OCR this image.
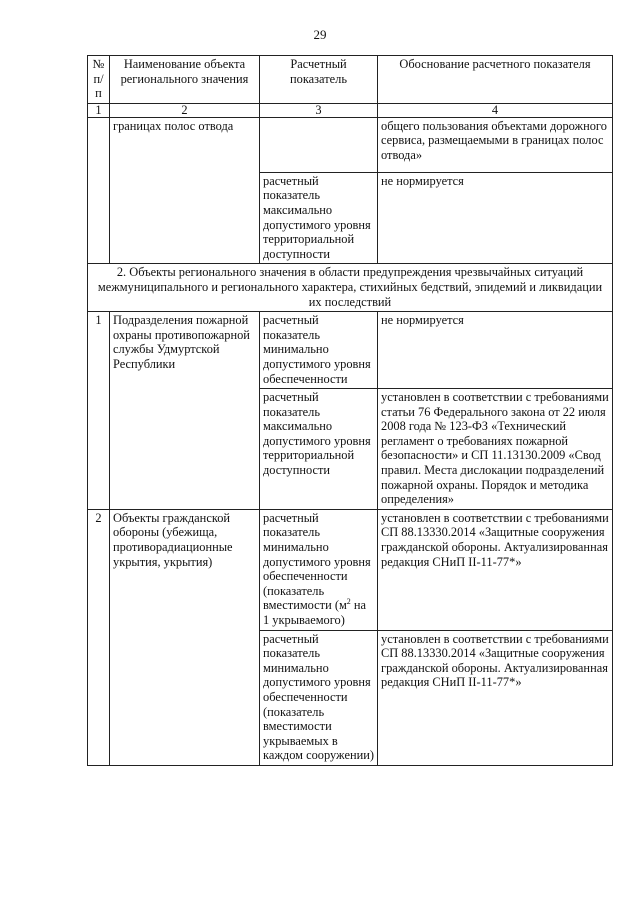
29
№ п/п	Наименование объекта регионального значения	Расчетный показатель	Обоснование расчетного показателя
1	2	3	4
	границах полос отвода		общего пользования объектами дорожного сервиса, размещаемыми в границах полос отвода»
		расчетный показатель максимально допустимого уровня территориальной доступности	не нормируется
2. Объекты регионального значения в области предупреждения чрезвычайных ситуаций межмуниципального и регионального характера, стихийных бедствий, эпидемий и ликвидации их последствий			
1	Подразделения пожарной охраны противопожарной службы Удмуртской Республики	расчетный показатель минимально допустимого уровня обеспеченности	не нормируется
		расчетный показатель максимально допустимого уровня территориальной доступности	установлен в соответствии с требованиями статьи 76 Федерального закона от 22 июля 2008 года № 123-ФЗ «Технический регламент о требованиях пожарной безопасности» и СП 11.13130.2009 «Свод правил. Места дислокации подразделений пожарной охраны. Порядок и методика определения»
2	Объекты гражданской обороны (убежища, противорадиационные укрытия, укрытия)	расчетный показатель минимально допустимого уровня обеспеченности (показатель вместимости ($м^2$ на 1 укрываемого)	установлен в соответствии с требованиями СП 88.13330.2014 «Защитные сооружения гражданской обороны. Актуализированная редакция СНиП II-11-77*»
		расчетный показатель минимально допустимого уровня обеспеченности (показатель вместимости укрываемых в каждом сооружении)	установлен в соответствии с требованиями СП 88.13330.2014 «Защитные сооружения гражданской обороны. Актуализированная редакция СНиП II-11-77*»
